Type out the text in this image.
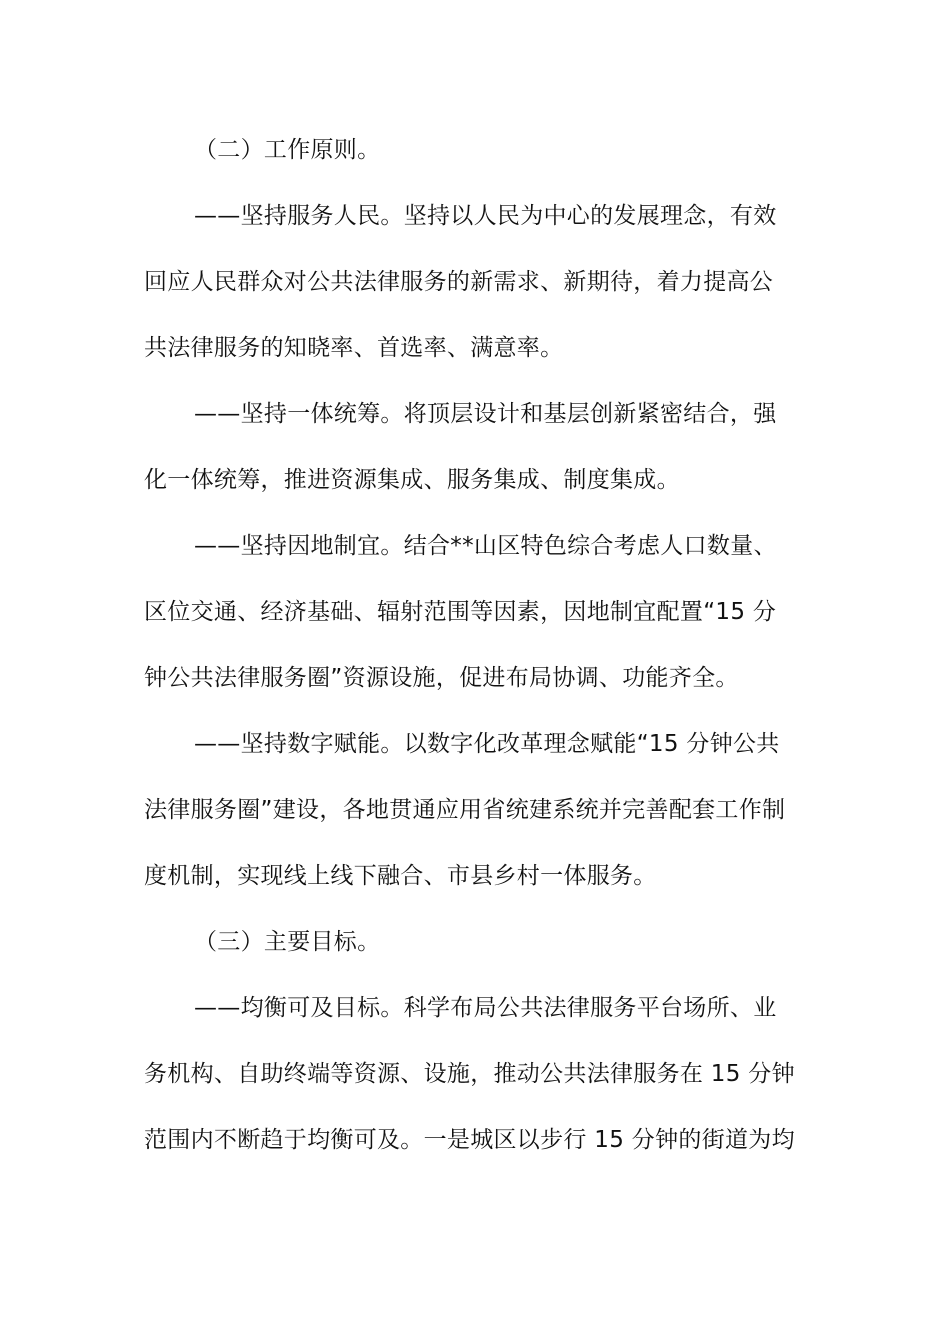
（二）工作原则。
——坚持服务人民。坚持以人民为中心的发展理念，有效
回应人民群众对公共法律服务的新需求、新期待，着力提高公
共法律服务的知晓率、首选率、满意率。
——坚持一体统筹。将顶层设计和基层创新紧密结合，强
化一体统筹，推进资源集成、服务集成、制度集成。
——坚持因地制宜。结合**山区特色综合考虑人口数量、
区位交通、经济基础、辐射范围等因素，因地制宜配置“15 分
钟公共法律服务圈”资源设施，促进布局协调、功能齐全。
——坚持数字赋能。以数字化改革理念赋能“15 分钟公共
法律服务圈”建设，各地贯通应用省统建系统并完善配套工作制
度机制，实现线上线下融合、市县乡村一体服务。
（三）主要目标。
——均衡可及目标。科学布局公共法律服务平台场所、业
务机构、自助终端等资源、设施，推动公共法律服务在 15 分钟
范围内不断趋于均衡可及。一是城区以步行 15 分钟的街道为均
